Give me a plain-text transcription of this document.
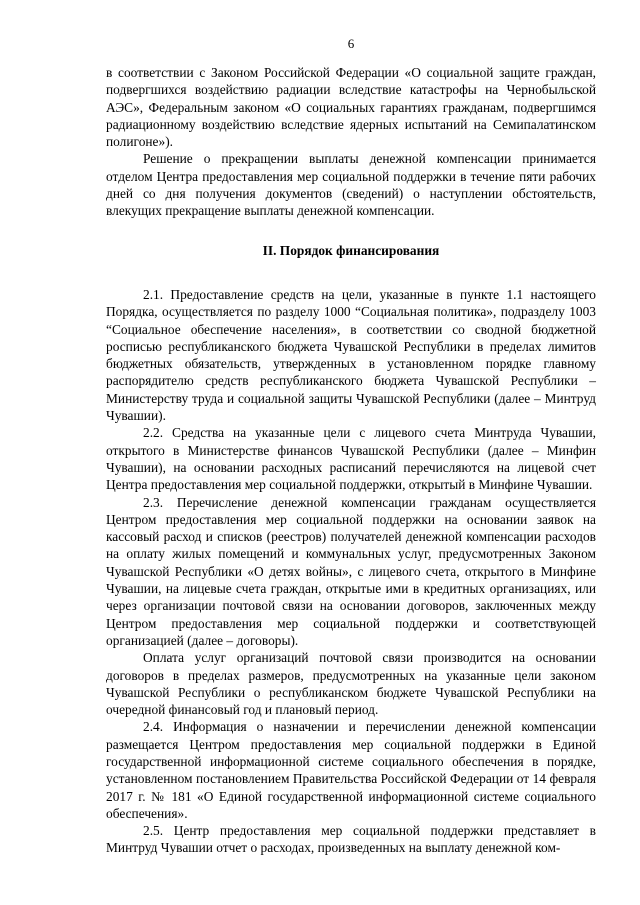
6

в соответствии с Законом Российской Федерации «О социальной защите граждан, подвергшихся воздействию радиации вследствие катастрофы на Чернобыльской АЭС», Федеральным законом «О социальных гарантиях гражданам, подвергшимся радиационному воздействию вследствие ядерных испытаний на Семипалатинском полигоне»).

Решение о прекращении выплаты денежной компенсации принимается отделом Центра предоставления мер социальной поддержки в течение пяти рабочих дней со дня получения документов (сведений) о наступлении обстоятельств, влекущих прекращение выплаты денежной компенсации.

II. Порядок финансирования

2.1. Предоставление средств на цели, указанные в пункте 1.1 настоящего Порядка, осуществляется по разделу 1000 “Социальная политика», подразделу 1003 “Социальное обеспечение населения», в соответствии со сводной бюджетной росписью республиканского бюджета Чувашской Республики в пределах лимитов бюджетных обязательств, утвержденных в установленном порядке главному распорядителю средств республиканского бюджета Чувашской Республики – Министерству труда и социальной защиты Чувашской Республики (далее – Минтруд Чувашии).

2.2. Средства на указанные цели с лицевого счета Минтруда Чувашии, открытого в Министерстве финансов Чувашской Республики (далее – Минфин Чувашии), на основании расходных расписаний перечисляются на лицевой счет Центра предоставления мер социальной поддержки, открытый в Минфине Чувашии.

2.3. Перечисление денежной компенсации гражданам осуществляется Центром предоставления мер социальной поддержки на основании заявок на кассовый расход и списков (реестров) получателей денежной компенсации расходов на оплату жилых помещений и коммунальных услуг, предусмотренных Законом Чувашской Республики «О детях войны», с лицевого счета, открытого в Минфине Чувашии, на лицевые счета граждан, открытые ими в кредитных организациях, или через организации почтовой связи на основании договоров, заключенных между Центром предоставления мер социальной поддержки и соответствующей организацией (далее – договоры).

Оплата услуг организаций почтовой связи производится на основании договоров в пределах размеров, предусмотренных на указанные цели законом Чувашской Республики о республиканском бюджете Чувашской Республики на очередной финансовый год и плановый период.

2.4. Информация о назначении и перечислении денежной компенсации размещается Центром предоставления мер социальной поддержки в Единой государственной информационной системе социального обеспечения в порядке, установленном постановлением Правительства Российской Федерации от 14 февраля 2017 г. № 181 «О Единой государственной информационной системе социального обеспечения».

2.5. Центр предоставления мер социальной поддержки представляет в Минтруд Чувашии отчет о расходах, произведенных на выплату денежной ком-
